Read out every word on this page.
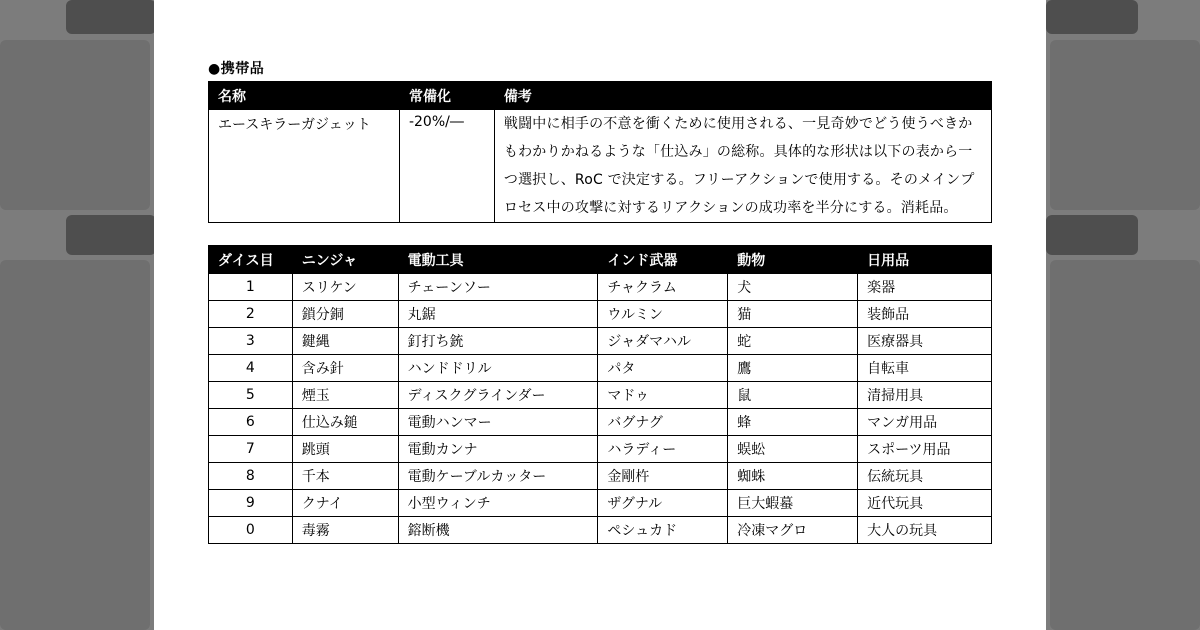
●携帯品
名称	常備化	備考
エースキラーガジェット	-20%/―	戦闘中に相手の不意を衝くために使用される、一見奇妙でどう使うべきかもわかりかねるような「仕込み」の総称。具体的な形状は以下の表から一つ選択し、RoC で決定する。フリーアクションで使用する。そのメインプロセス中の攻撃に対するリアクションの成功率を半分にする。消耗品。
ダイス目	ニンジャ	電動工具	インド武器	動物	日用品
1	スリケン	チェーンソー	チャクラム	犬	楽器
2	鎖分銅	丸鋸	ウルミン	猫	装飾品
3	鍵縄	釘打ち銃	ジャダマハル	蛇	医療器具
4	含み針	ハンドドリル	パタ	鷹	自転車
5	煙玉	ディスクグラインダー	マドゥ	鼠	清掃用具
6	仕込み鎚	電動ハンマー	バグナグ	蜂	マンガ用品
7	跳頭	電動カンナ	ハラディー	蜈蚣	スポーツ用品
8	千本	電動ケーブルカッター	金剛杵	蜘蛛	伝統玩具
9	クナイ	小型ウィンチ	ザグナル	巨大蝦蟇	近代玩具
0	毒霧	鎔断機	ペシュカド	冷凍マグロ	大人の玩具
